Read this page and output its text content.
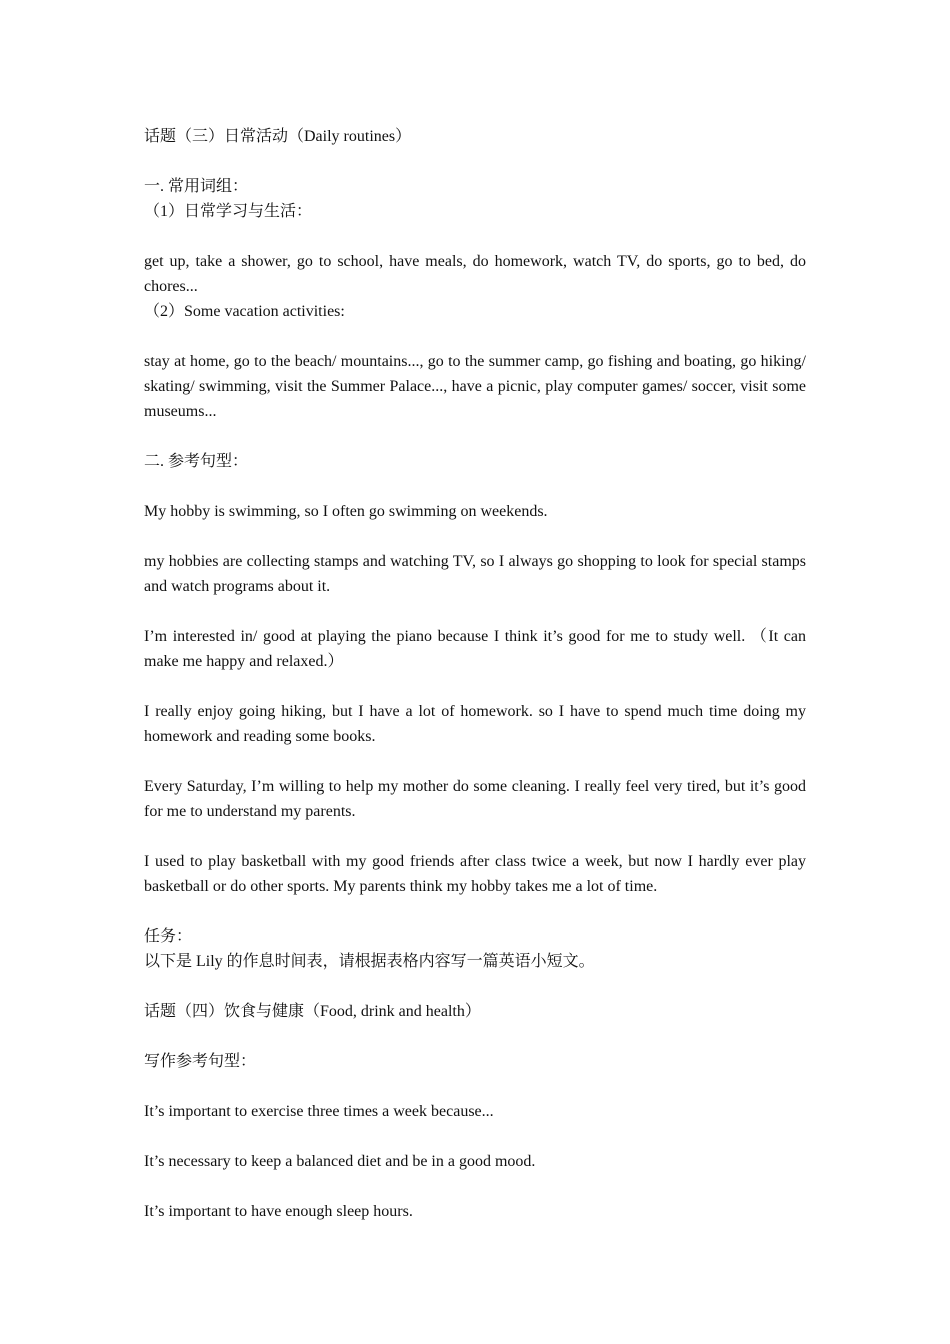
话题（三）日常活动（Daily routines）

一. 常用词组：

（1）日常学习与生活：

get up, take a shower, go to school, have meals, do homework, watch TV, do sports, go to bed, do chores...

（2）Some vacation activities:

stay at home, go to the beach/ mountains..., go to the summer camp, go fishing and boating, go hiking/ skating/ swimming, visit the Summer Palace..., have a picnic, play computer games/ soccer, visit some museums...

二. 参考句型：

My hobby is swimming, so I often go swimming on weekends.

my hobbies are collecting stamps and watching TV, so I always go shopping to look for special stamps and watch programs about it.

I’m interested in/ good at playing the piano because I think it’s good for me to study well. （It can make me happy and relaxed.）

I really enjoy going hiking, but I have a lot of homework. so I have to spend much time doing my homework and reading some books.

Every Saturday, I’m willing to help my mother do some cleaning. I really feel very tired, but it’s good for me to understand my parents.

I used to play basketball with my good friends after class twice a week, but now I hardly ever play basketball or do other sports. My parents think my hobby takes me a lot of time.

任务：

以下是 Lily 的作息时间表，请根据表格内容写一篇英语小短文。

话题（四）饮食与健康（Food, drink and health）

写作参考句型：

It’s important to exercise three times a week because...

It’s necessary to keep a balanced diet and be in a good mood.

It’s important to have enough sleep hours.
